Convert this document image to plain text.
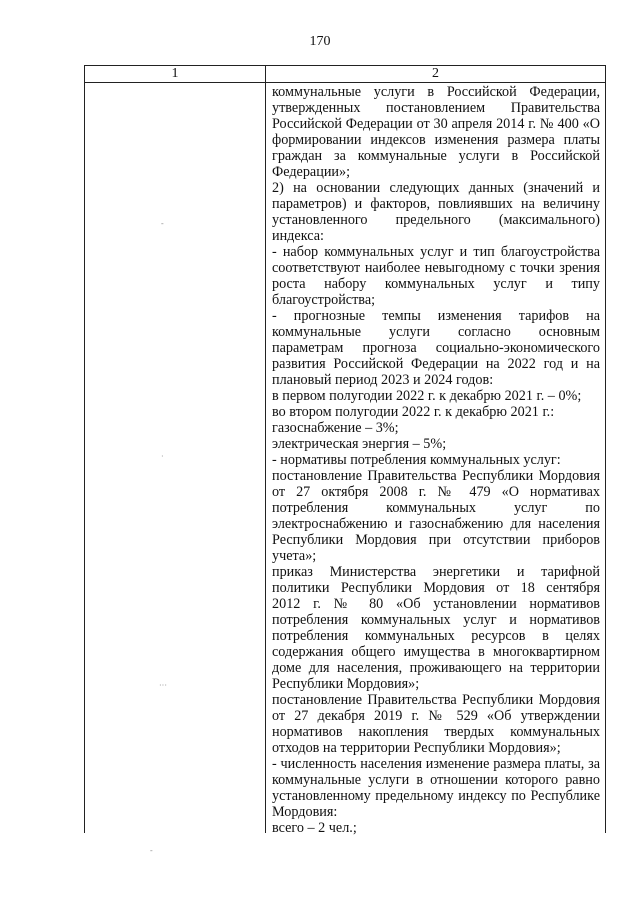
170
1	2
-
·
···
коммунальные услуги в Российской Федерации,
утвержденных постановлением Правительства
Российской Федерации от 30 апреля 2014 г. № 400 «О
формировании индексов изменения размера платы
граждан за коммунальные услуги в Российской
Федерации»;
2) на основании следующих данных (значений и
параметров) и факторов, повлиявших на величину
установленного предельного (максимального)
индекса:
- набор коммунальных услуг и тип благоустройства
соответствуют наиболее невыгодному с точки зрения
роста набору коммунальных услуг и типу
благоустройства;
- прогнозные темпы изменения тарифов на
коммунальные услуги согласно основным
параметрам прогноза социально-экономического
развития Российской Федерации на 2022 год и на
плановый период 2023 и 2024 годов:
в первом полугодии 2022 г. к декабрю 2021 г. – 0%;
во втором полугодии 2022 г. к декабрю 2021 г.:
газоснабжение – 3%;
электрическая энергия – 5%;
- нормативы потребления коммунальных услуг:
постановление Правительства Республики Мордовия
от 27 октября 2008 г. № 479 «О нормативах
потребления коммунальных услуг по
электроснабжению и газоснабжению для населения
Республики Мордовия при отсутствии приборов
учета»;
приказ Министерства энергетики и тарифной
политики Республики Мордовия от 18 сентября
2012 г. № 80 «Об установлении нормативов
потребления коммунальных услуг и нормативов
потребления коммунальных ресурсов в целях
содержания общего имущества в многоквартирном
доме для населения, проживающего на территории
Республики Мордовия»;
постановление Правительства Республики Мордовия
от 27 декабря 2019 г. № 529 «Об утверждении
нормативов накопления твердых коммунальных
отходов на территории Республики Мордовия»;
- численность населения изменение размера платы, за
коммунальные услуги в отношении которого равно
установленному предельному индексу по Республике
Мордовия:
всего – 2 чел.;
-
